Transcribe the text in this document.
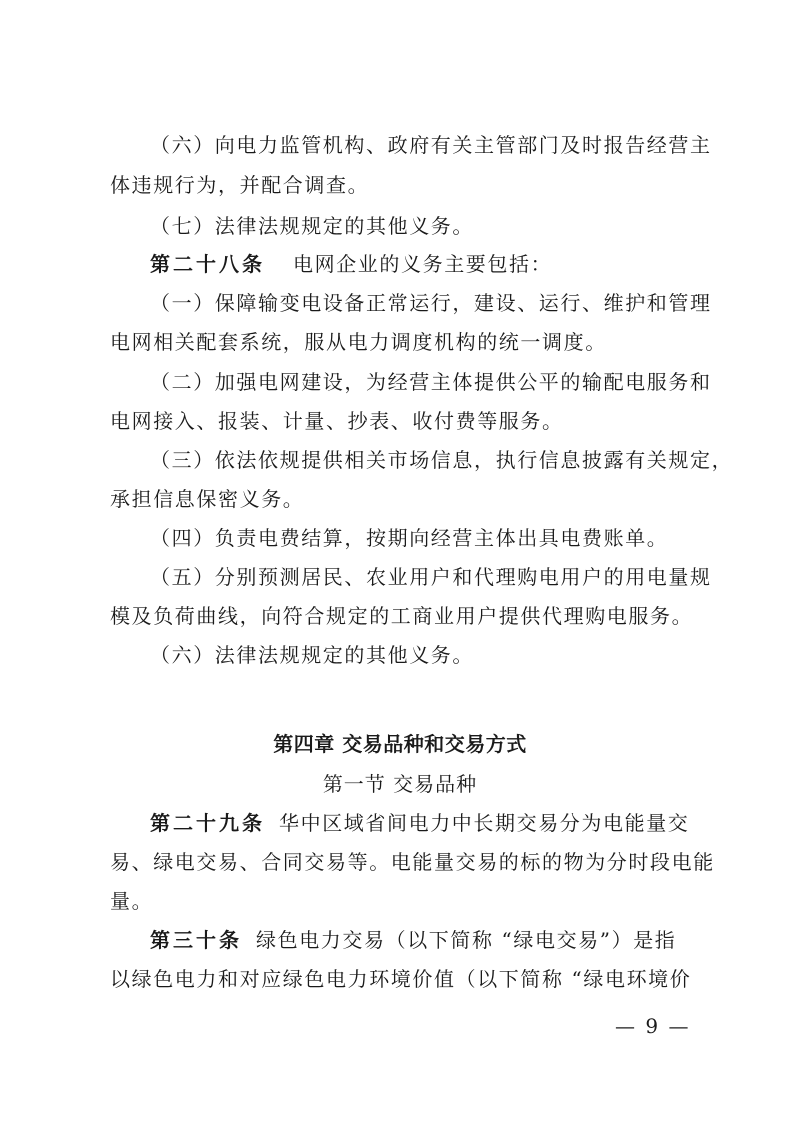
（六）向电力监管机构、政府有关主管部门及时报告经营主
体违规行为，并配合调查。
（七）法律法规规定的其他义务。
第二十八条 电网企业的义务主要包括：
（一）保障输变电设备正常运行，建设、运行、维护和管理
电网相关配套系统，服从电力调度机构的统一调度。
（二）加强电网建设，为经营主体提供公平的输配电服务和
电网接入、报装、计量、抄表、收付费等服务。
（三）依法依规提供相关市场信息，执行信息披露有关规定，
承担信息保密义务。
（四）负责电费结算，按期向经营主体出具电费账单。
（五）分别预测居民、农业用户和代理购电用户的用电量规
模及负荷曲线，向符合规定的工商业用户提供代理购电服务。
（六）法律法规规定的其他义务。
第四章 交易品种和交易方式
第一节 交易品种
第二十九条 华中区域省间电力中长期交易分为电能量交
易、绿电交易、合同交易等。电能量交易的标的物为分时段电能
量。
第三十条 绿色电力交易（以下简称 “绿电交易”）是指
以绿色电力和对应绿色电力环境价值（以下简称 “绿电环境价
— 9 —
